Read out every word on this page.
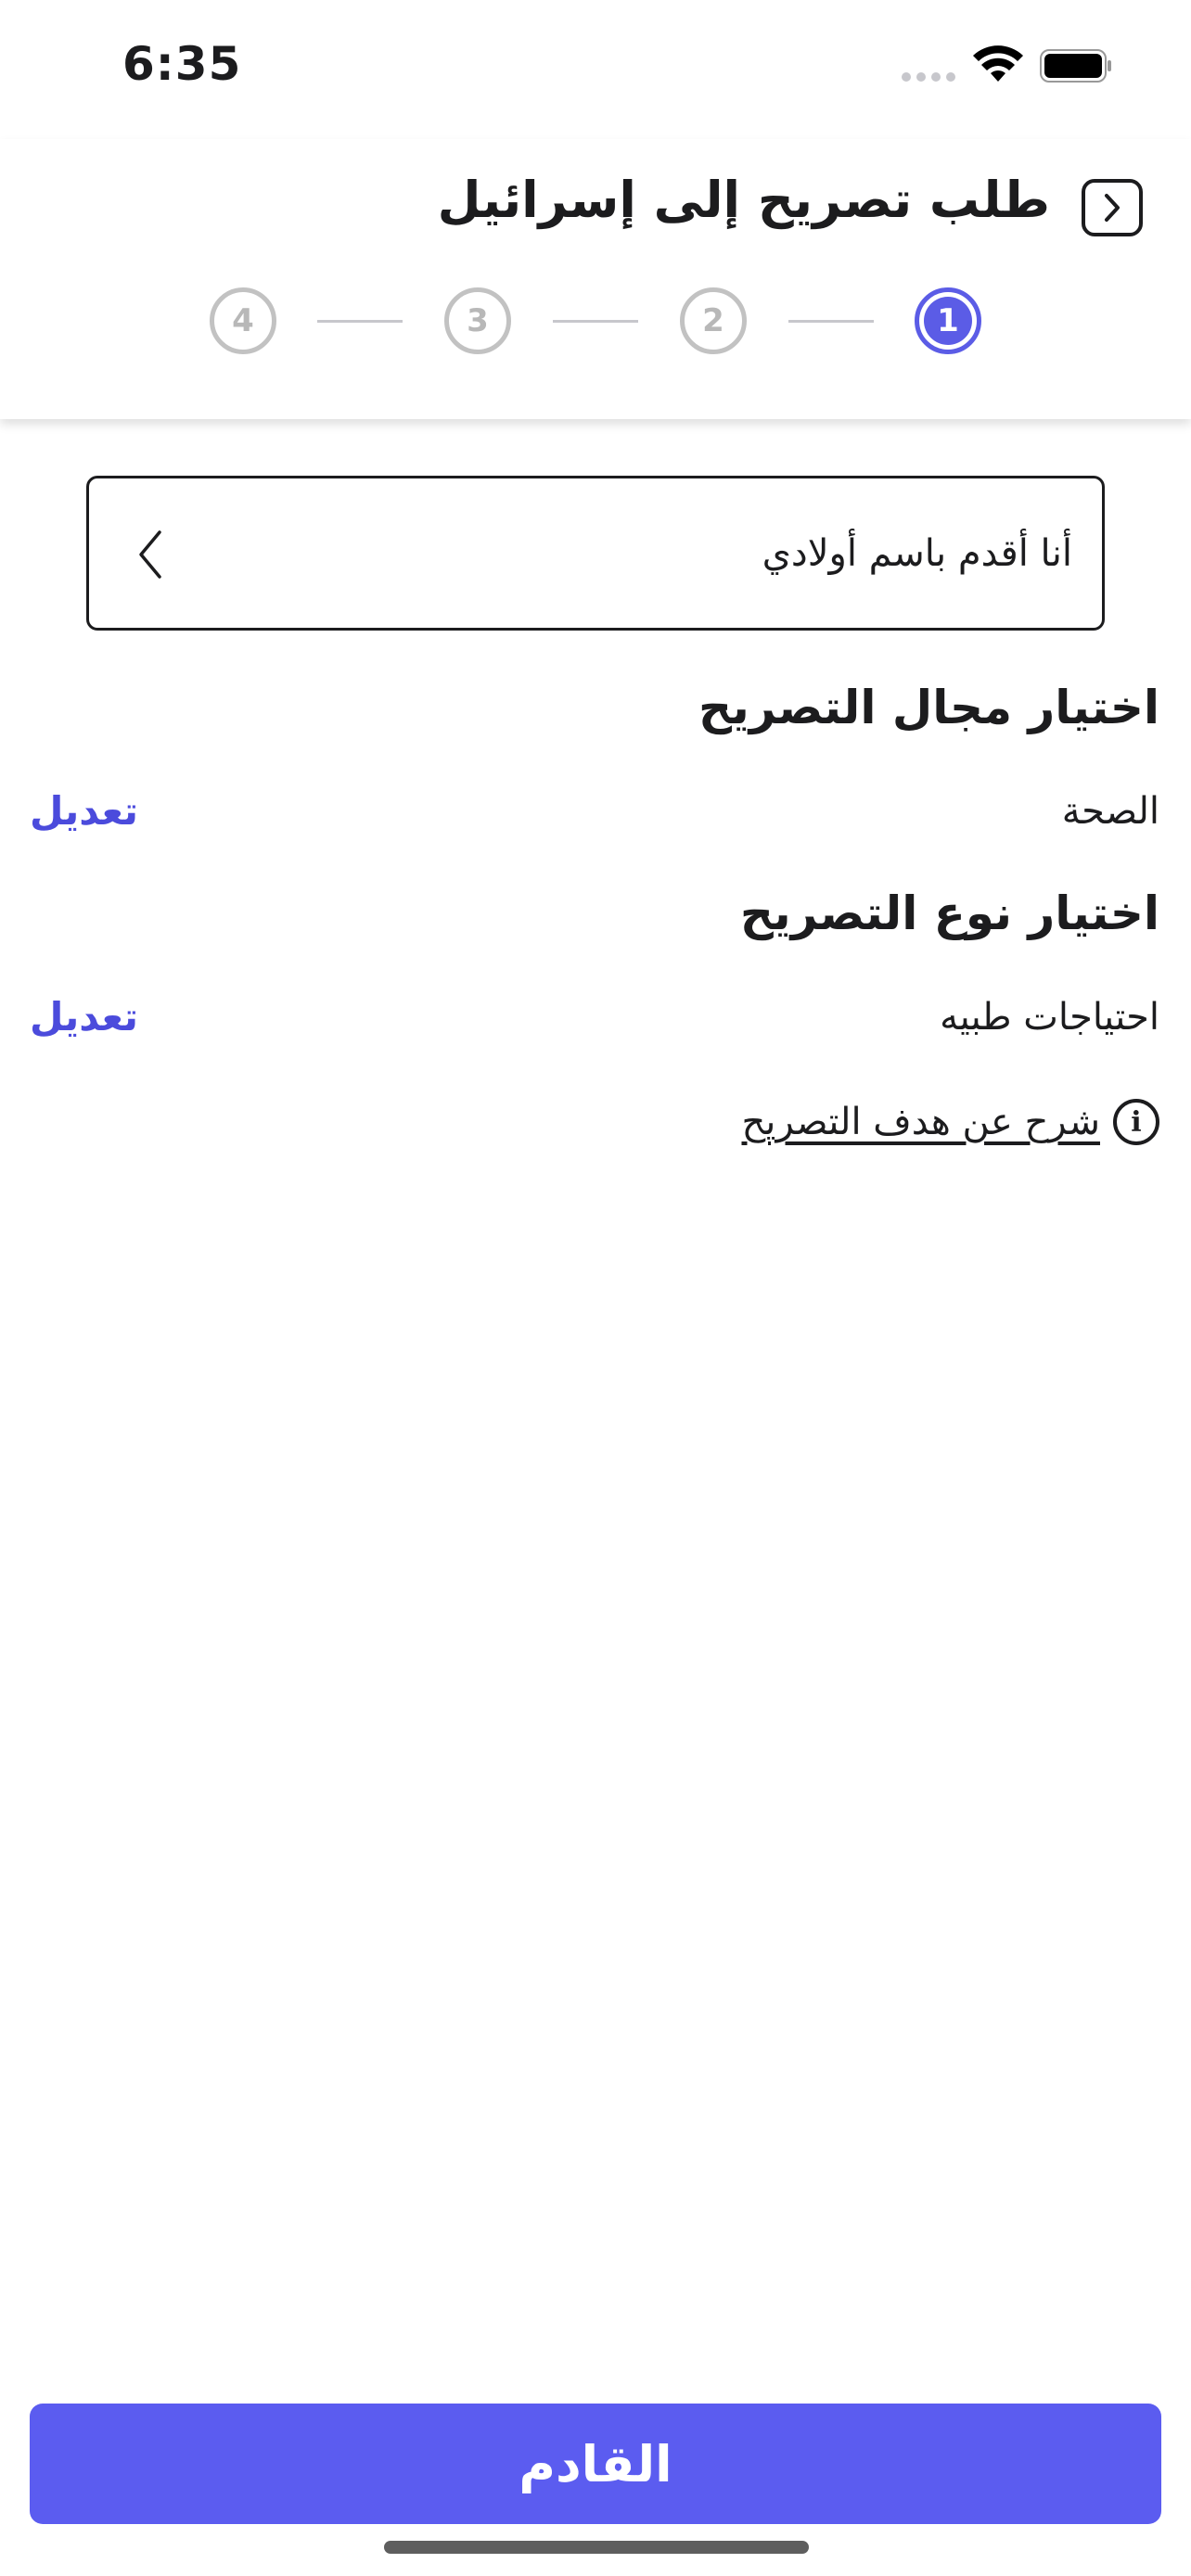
6:35
طلب تصريح إلى إسرائيل
4	3	2	1
أنا أقدم باسم أولادي
اختيار مجال التصريح
الصحة
تعديل
اختيار نوع التصريح
احتياجات طبيه
تعديل
i
شرح عن هدف التصريح
القادم
